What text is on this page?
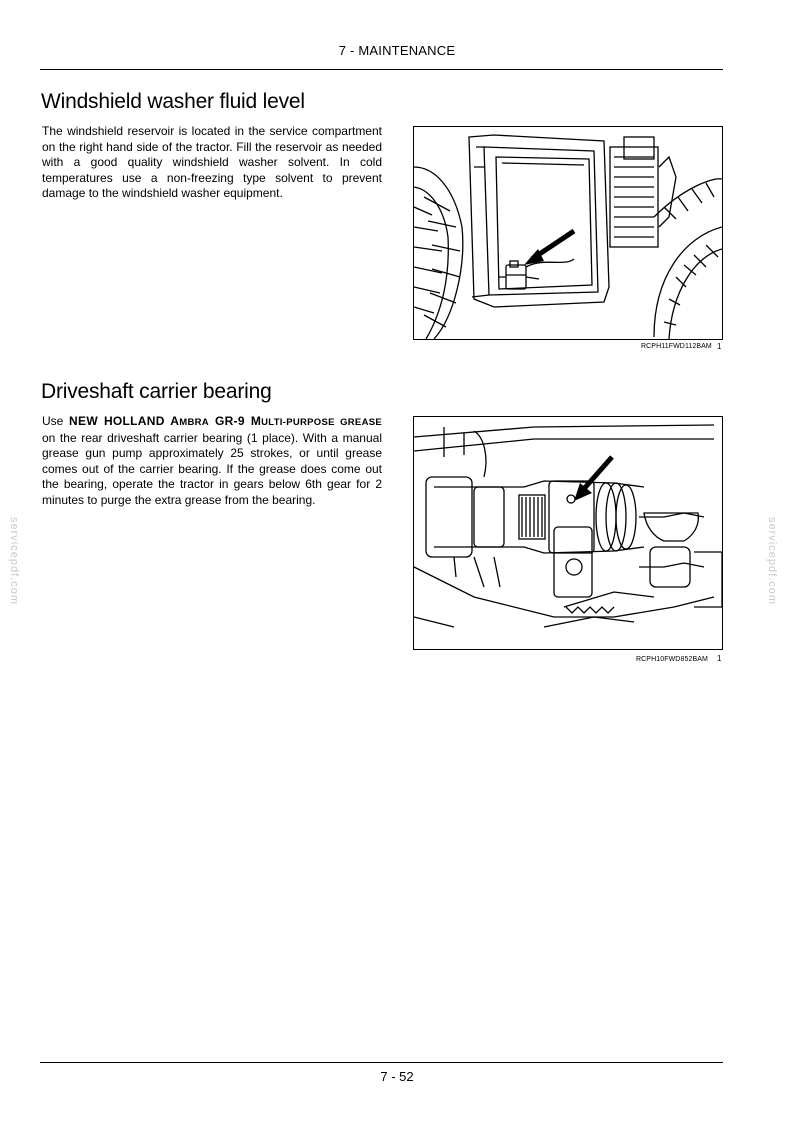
7 - MAINTENANCE
Windshield washer fluid level

The windshield reservoir is located in the service compartment on the right hand side of the tractor. Fill the reservoir as needed with a good quality windshield washer solvent. In cold temperatures use a non-freezing type solvent to prevent damage to the windshield washer equipment.

RCPH11FWD112BAM 1
Driveshaft carrier bearing

Use NEW HOLLAND AMBRA GR-9 MULTI-PURPOSE GREASE on the rear driveshaft carrier bearing (1 place). With a manual grease gun pump approximately 25 strokes, or until grease comes out of the carrier bearing. If the grease does come out the bearing, operate the tractor in gears below 6th gear for 2 minutes to purge the extra grease from the bearing.

RCPH10FWD852BAM 1
servicepdf.com	servicepdf.com
7 - 52
